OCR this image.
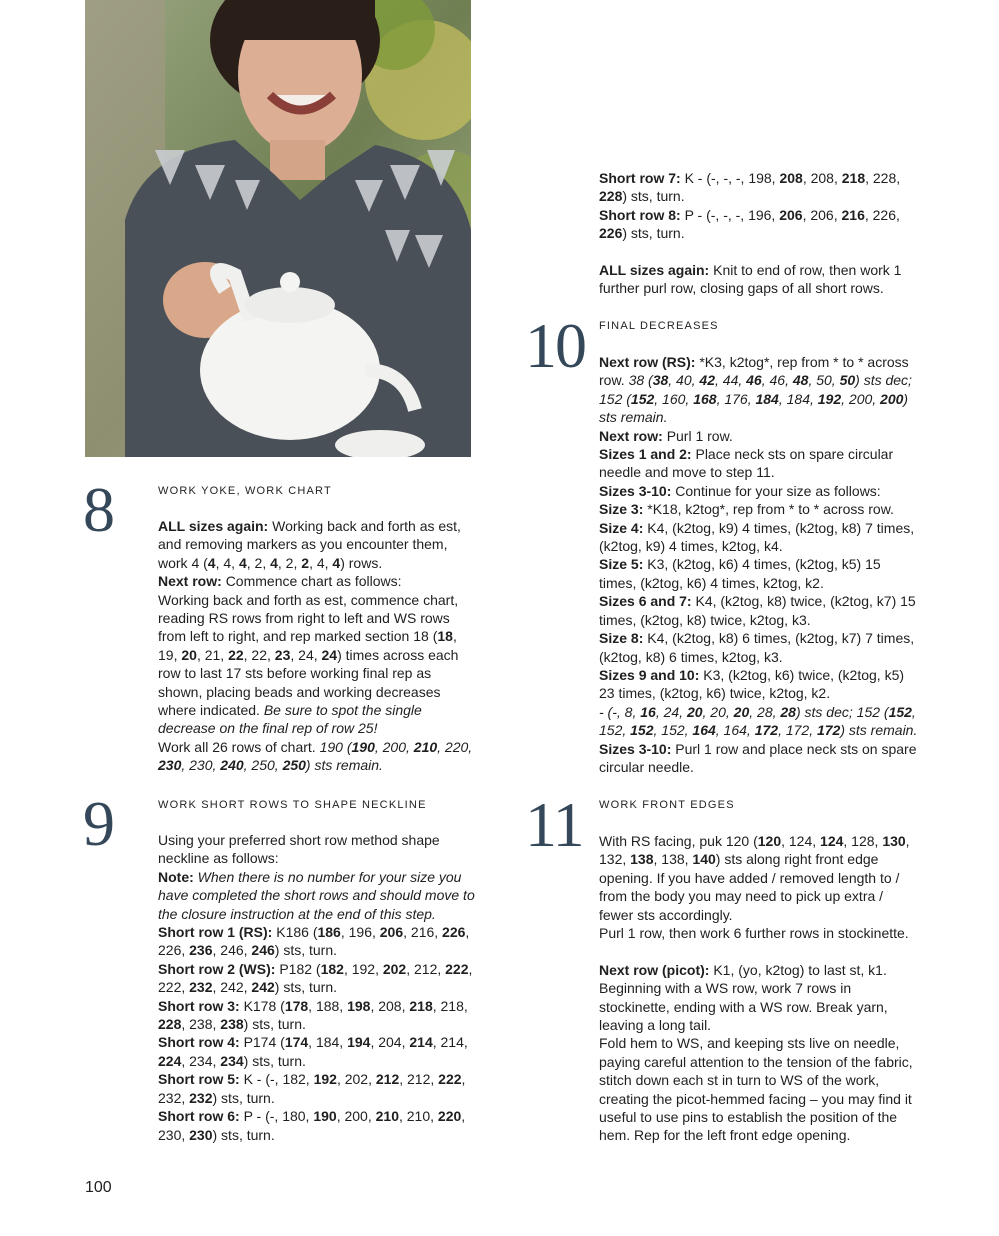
8	WORK YOKE, WORK CHART

ALL sizes again: Working back and forth as est, and removing markers as you encounter them, work 4 (4, 4, 4, 2, 4, 2, 2, 4, 4) rows.

Next row: Commence chart as follows:

Working back and forth as est, commence chart, reading RS rows from right to left and WS rows from left to right, and rep marked section 18 (18, 19, 20, 21, 22, 22, 23, 24, 24) times across each row to last 17 sts before working final rep as shown, placing beads and working decreases where indicated. Be sure to spot the single decrease on the final rep of row 25!

Work all 26 rows of chart. 190 (190, 200, 210, 220, 230, 230, 240, 250, 250) sts remain.

9	WORK SHORT ROWS TO SHAPE NECKLINE

Using your preferred short row method shape neckline as follows:

Note: When there is no number for your size you have completed the short rows and should move to the closure instruction at the end of this step.

Short row 1 (RS): K186 (186, 196, 206, 216, 226, 226, 236, 246, 246) sts, turn.

Short row 2 (WS): P182 (182, 192, 202, 212, 222, 222, 232, 242, 242) sts, turn.

Short row 3: K178 (178, 188, 198, 208, 218, 218, 228, 238, 238) sts, turn.

Short row 4: P174 (174, 184, 194, 204, 214, 214, 224, 234, 234) sts, turn.

Short row 5: K - (-, 182, 192, 202, 212, 212, 222, 232, 232) sts, turn.

Short row 6: P - (-, 180, 190, 200, 210, 210, 220, 230, 230) sts, turn.

Short row 7: K - (-, -, -, 198, 208, 208, 218, 228, 228) sts, turn.

Short row 8: P - (-, -, -, 196, 206, 206, 216, 226, 226) sts, turn.

ALL sizes again: Knit to end of row, then work 1 further purl row, closing gaps of all short rows.

10 FINAL DECREASES

Next row (RS): *K3, k2tog*, rep from * to * across row. 38 (38, 40, 42, 44, 46, 46, 48, 50, 50) sts dec; 152 (152, 160, 168, 176, 184, 184, 192, 200, 200) sts remain.

Next row: Purl 1 row.

Sizes 1 and 2: Place neck sts on spare circular needle and move to step 11.

Sizes 3-10: Continue for your size as follows:

Size 3: *K18, k2tog*, rep from * to * across row.

Size 4: K4, (k2tog, k9) 4 times, (k2tog, k8) 7 times, (k2tog, k9) 4 times, k2tog, k4.

Size 5: K3, (k2tog, k6) 4 times, (k2tog, k5) 15 times, (k2tog, k6) 4 times, k2tog, k2.

Sizes 6 and 7: K4, (k2tog, k8) twice, (k2tog, k7) 15 times, (k2tog, k8) twice, k2tog, k3.

Size 8: K4, (k2tog, k8) 6 times, (k2tog, k7) 7 times, (k2tog, k8) 6 times, k2tog, k3.

Sizes 9 and 10: K3, (k2tog, k6) twice, (k2tog, k5) 23 times, (k2tog, k6) twice, k2tog, k2.

- (-, 8, 16, 24, 20, 20, 20, 28, 28) sts dec; 152 (152, 152, 152, 152, 164, 164, 172, 172, 172) sts remain.

Sizes 3-10: Purl 1 row and place neck sts on spare circular needle.

11 WORK FRONT EDGES

With RS facing, puk 120 (120, 124, 124, 128, 130, 132, 138, 138, 140) sts along right front edge opening. If you have added / removed length to / from the body you may need to pick up extra / fewer sts accordingly.

Purl 1 row, then work 6 further rows in stockinette.

Next row (picot): K1, (yo, k2tog) to last st, k1. Beginning with a WS row, work 7 rows in stockinette, ending with a WS row. Break yarn, leaving a long tail.

Fold hem to WS, and keeping sts live on needle, paying careful attention to the tension of the fabric, stitch down each st in turn to WS of the work, creating the picot-hemmed facing – you may find it useful to use pins to establish the position of the hem. Rep for the left front edge opening.

100
